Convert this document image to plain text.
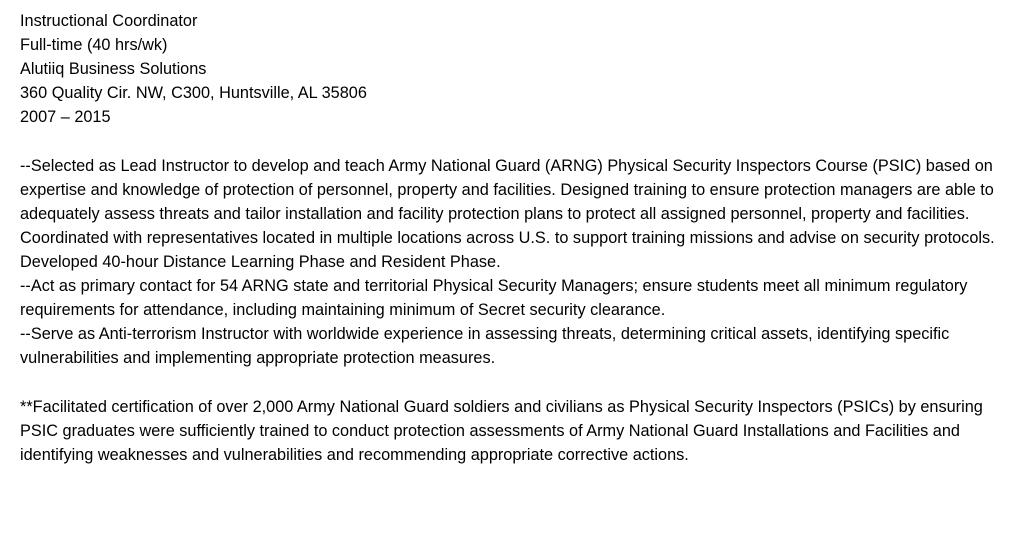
Instructional Coordinator
Full-time (40 hrs/wk)
Alutiiq Business Solutions
360 Quality Cir. NW, C300, Huntsville, AL 35806
2007 – 2015

--Selected as Lead Instructor to develop and teach Army National Guard (ARNG) Physical Security Inspectors Course (PSIC) based on expertise and knowledge of protection of personnel, property and facilities. Designed training to ensure protection managers are able to adequately assess threats and tailor installation and facility protection plans to protect all assigned personnel, property and facilities. Coordinated with representatives located in multiple locations across U.S. to support training missions and advise on security protocols. Developed 40-hour Distance Learning Phase and Resident Phase.

--Act as primary contact for 54 ARNG state and territorial Physical Security Managers; ensure students meet all minimum regulatory requirements for attendance, including maintaining minimum of Secret security clearance.

--Serve as Anti-terrorism Instructor with worldwide experience in assessing threats, determining critical assets, identifying specific vulnerabilities and implementing appropriate protection measures.

**Facilitated certification of over 2,000 Army National Guard soldiers and civilians as Physical Security Inspectors (PSICs) by ensuring PSIC graduates were sufficiently trained to conduct protection assessments of Army National Guard Installations and Facilities and identifying weaknesses and vulnerabilities and recommending appropriate corrective actions.
